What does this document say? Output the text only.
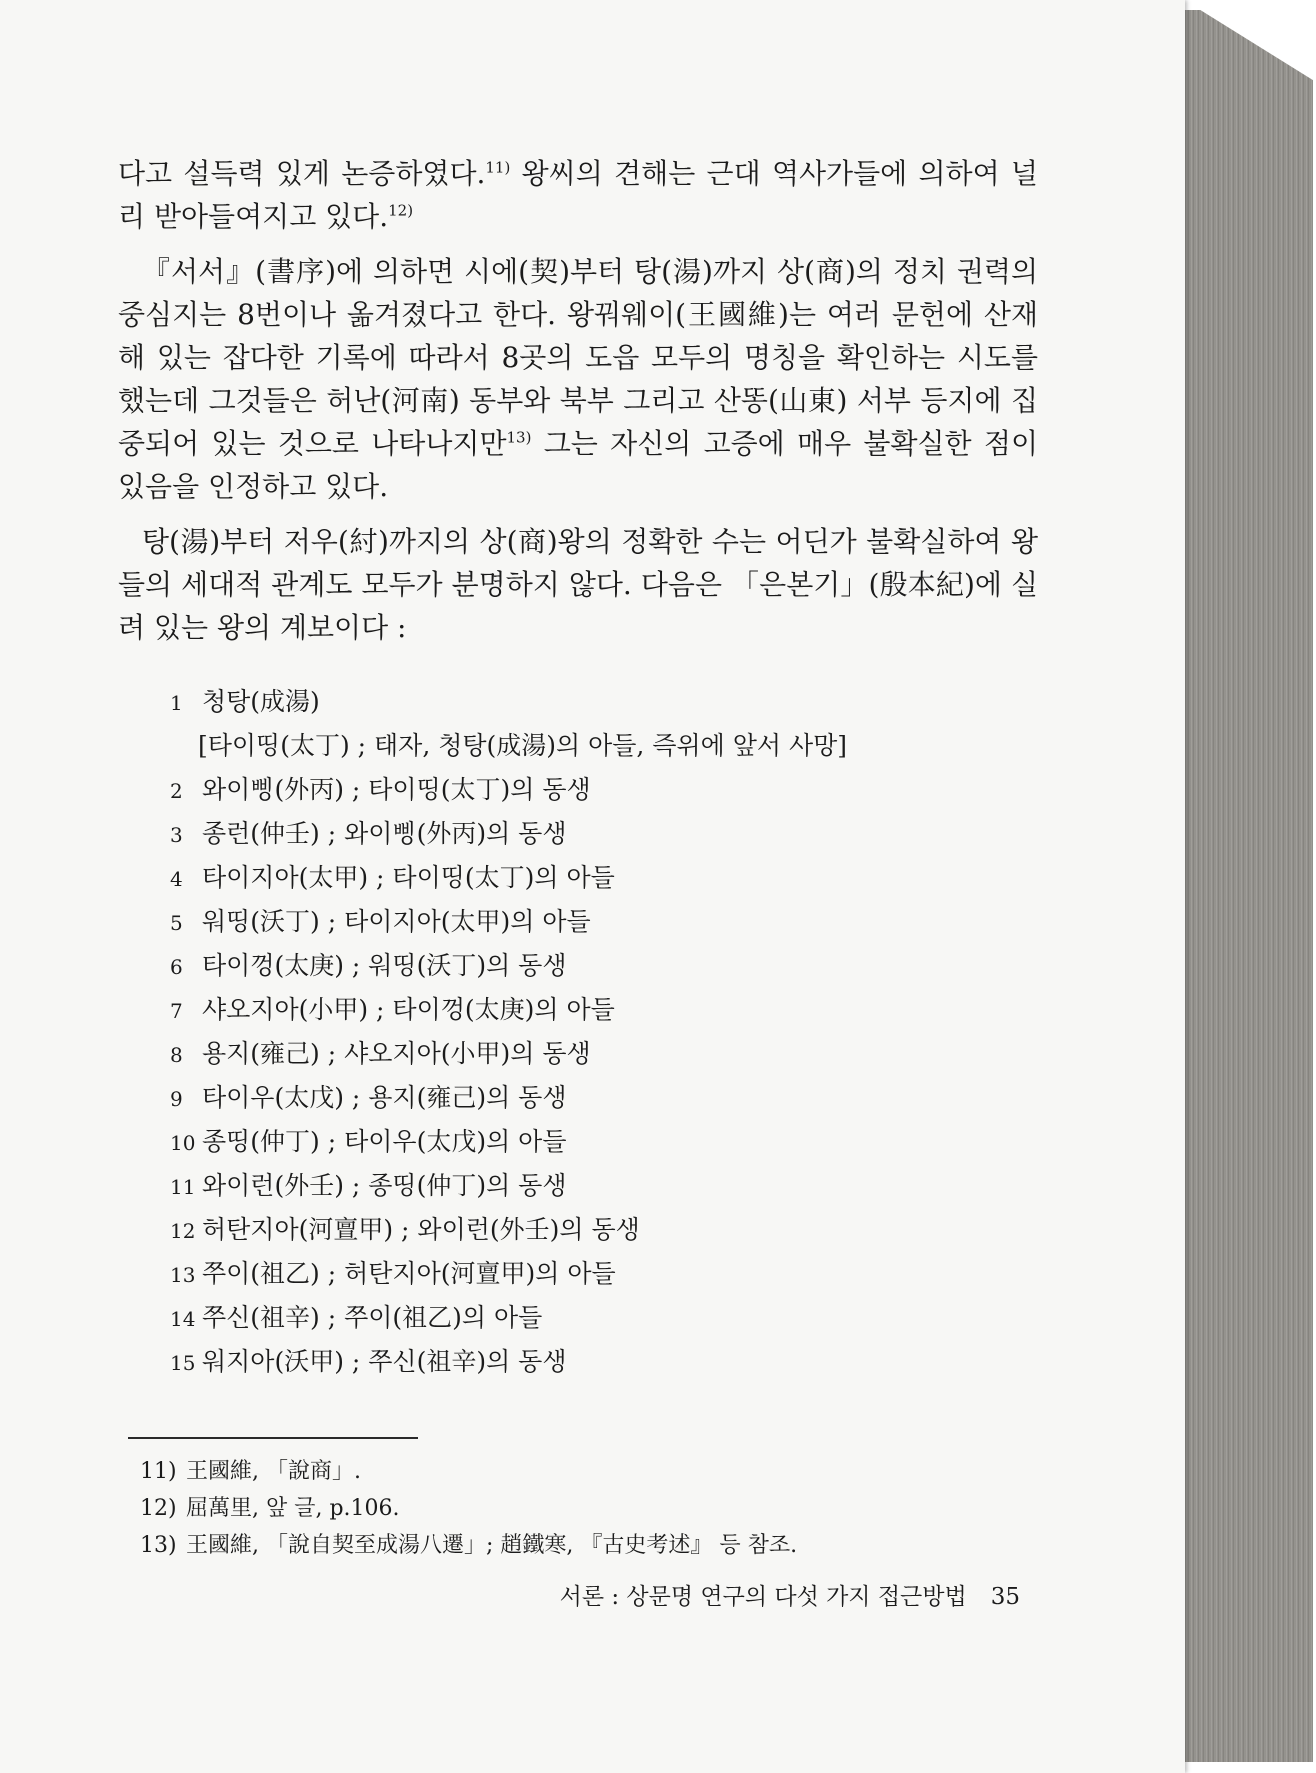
다고 설득력 있게 논증하였다.$^{11)}$ 왕씨의 견해는 근대 역사가들에 의하여 널리 받아들여지고 있다.$^{12)}$

『서서』(書序)에 의하면 시에(契)부터 탕(湯)까지 상(商)의 정치 권력의 중심지는 8번이나 옮겨졌다고 한다. 왕꿔웨이(王國維)는 여러 문헌에 산재해 있는 잡다한 기록에 따라서 8곳의 도읍 모두의 명칭을 확인하는 시도를 했는데 그것들은 허난(河南) 동부와 북부 그리고 산똥(山東) 서부 등지에 집중되어 있는 것으로 나타나지만$^{13)}$ 그는 자신의 고증에 매우 불확실한 점이 있음을 인정하고 있다.

탕(湯)부터 저우(紂)까지의 상(商)왕의 정확한 수는 어딘가 불확실하여 왕들의 세대적 관계도 모두가 분명하지 않다. 다음은 「은본기」(殷本紀)에 실려 있는 왕의 계보이다 :

1 청탕(成湯)
[타이띵(太丁) ; 태자, 청탕(成湯)의 아들, 즉위에 앞서 사망]
2 와이삥(外丙) ; 타이띵(太丁)의 동생
3 종런(仲壬) ; 와이삥(外丙)의 동생
4 타이지아(太甲) ; 타이띵(太丁)의 아들
5 워띵(沃丁) ; 타이지아(太甲)의 아들
6 타이껑(太庚) ; 워띵(沃丁)의 동생
7 샤오지아(小甲) ; 타이껑(太庚)의 아들
8 용지(雍己) ; 샤오지아(小甲)의 동생
9 타이우(太戊) ; 용지(雍己)의 동생
10 종띵(仲丁) ; 타이우(太戊)의 아들
11 와이런(外壬) ; 종띵(仲丁)의 동생
12 허탄지아(河亶甲) ; 와이런(外壬)의 동생
13 쭈이(祖乙) ; 허탄지아(河亶甲)의 아들
14 쭈신(祖辛) ; 쭈이(祖乙)의 아들
15 워지아(沃甲) ; 쭈신(祖辛)의 동생
11) 王國維, 「說商」.
12) 屈萬里, 앞 글, p.106.
13) 王國維, 「說自契至成湯八遷」; 趙鐵寒, 『古史考述』 등 참조.
서론 : 상문명 연구의 다섯 가지 접근방법 35
